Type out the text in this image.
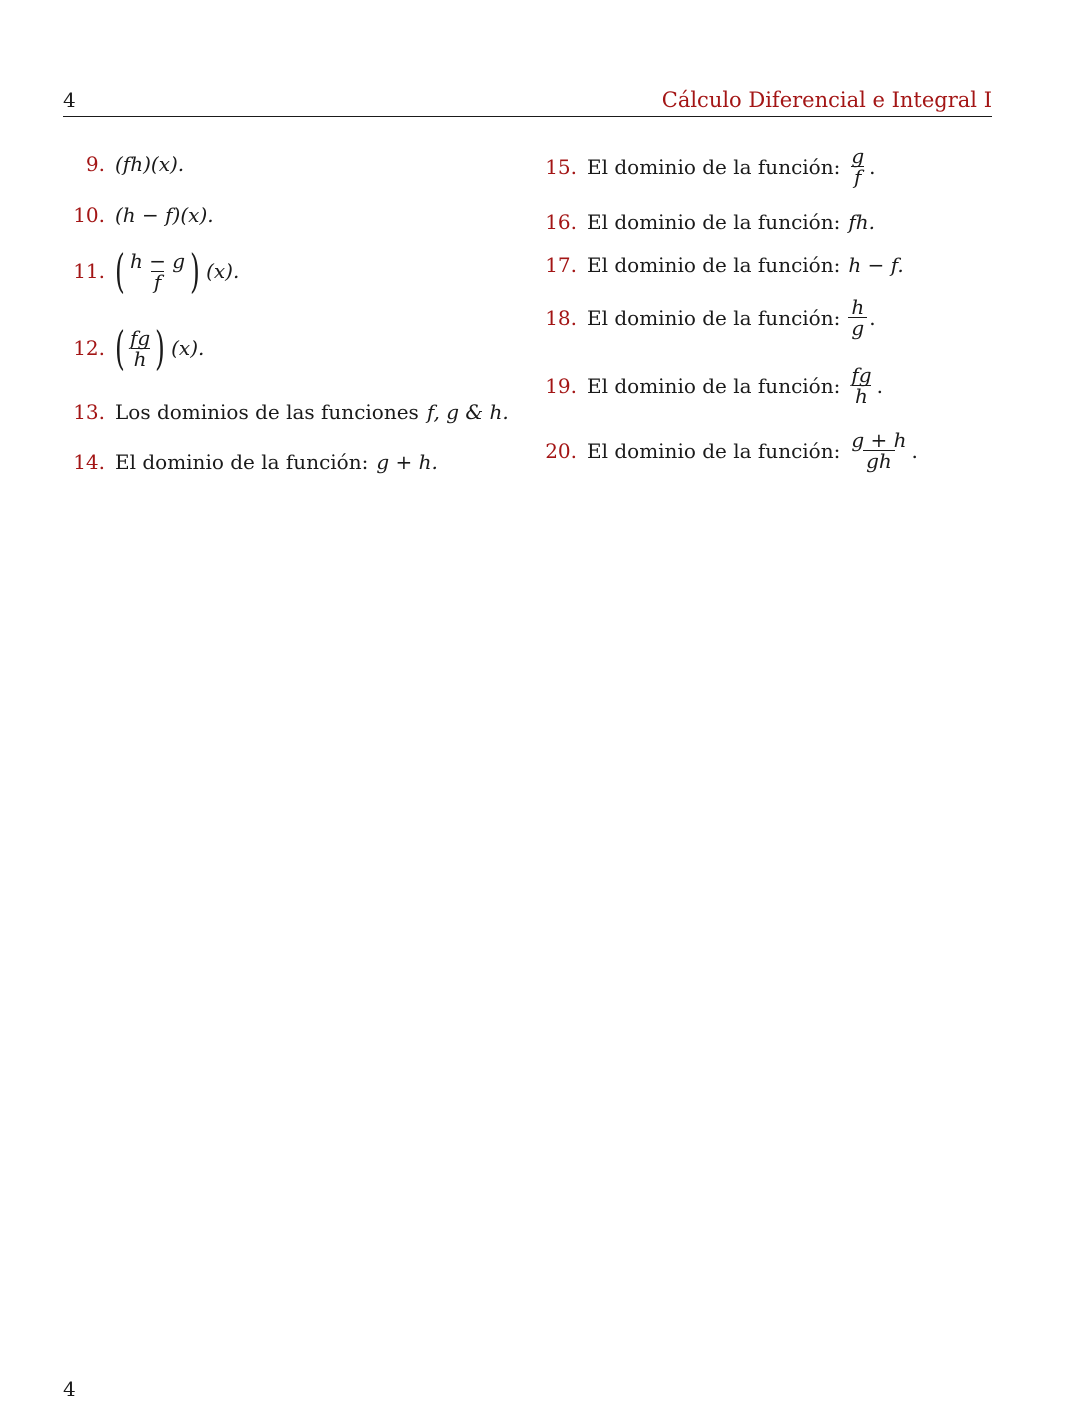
4	Cálculo Diferencial e Integral I
9. (fh)(x).
10. (h − f)(x).
11. ( $\frac{h - g}{f}$ ) (x).
12. ( $\frac{fg}{h}$ ) (x).
13. Los dominios de las funciones f, g & h.
14. El dominio de la función: g + h.
15. El dominio de la función: $\frac{g}{f}$ .
16. El dominio de la función: fh.
17. El dominio de la función: h − f.
18. El dominio de la función: $\frac{h}{g}$ .
19. El dominio de la función: $\frac{fg}{h}$ .
20. El dominio de la función: $\frac{g + h}{gh}$ .
4
